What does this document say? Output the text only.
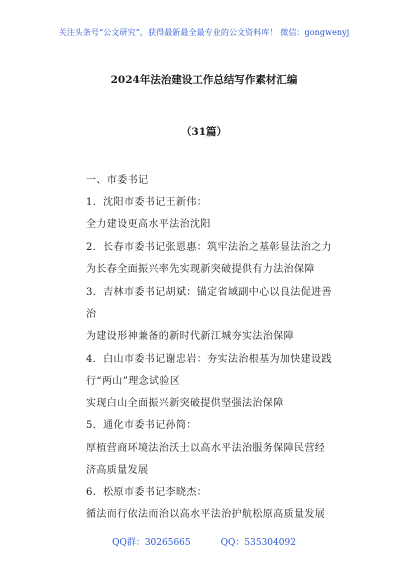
关注头条号“公文研究”，获得最新最全最专业的公文资料库！ 微信：gongwenyj
2024年法治建设工作总结写作素材汇编
（31篇）
一、市委书记
1．沈阳市委书记王新伟：
全力建设更高水平法治沈阳
2．长春市委书记张恩惠：筑牢法治之基彰显法治之力
为长春全面振兴率先实现新突破提供有力法治保障
3．吉林市委书记胡斌：锚定省域副中心以良法促进善
治
为建设形神兼备的新时代新江城夯实法治保障
4．白山市委书记谢忠岩：夯实法治根基为加快建设践
行“两山”理念试验区
实现白山全面振兴新突破提供坚强法治保障
5．通化市委书记孙简：
厚植营商环境法治沃土以高水平法治服务保障民营经
济高质量发展
6．松原市委书记李晓杰：
循法而行依法而治以高水平法治护航松原高质量发展
QQ群：30265665	QQ：535304092
